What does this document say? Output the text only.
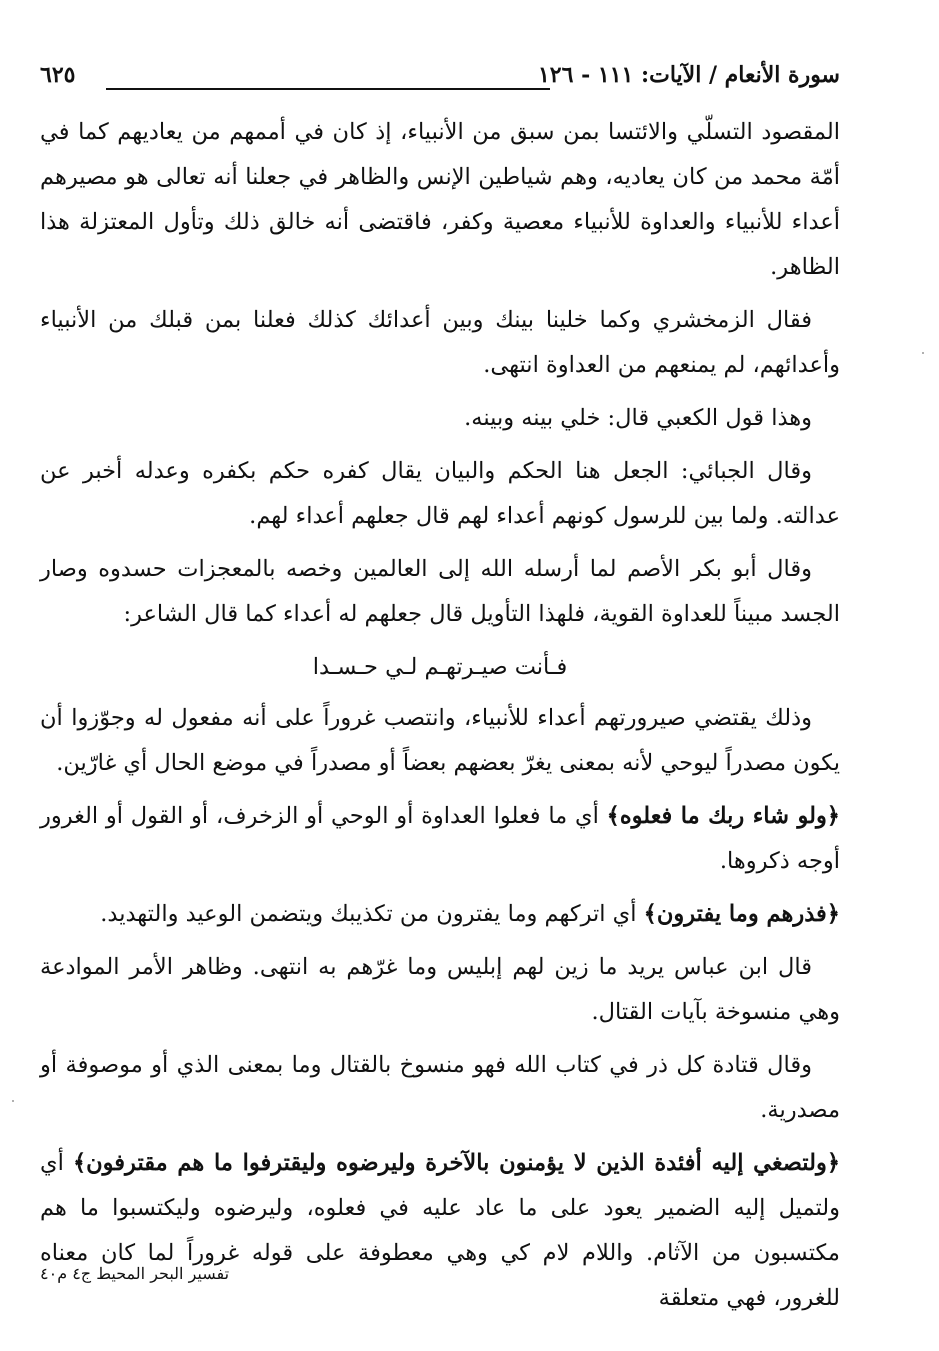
سورة الأنعام / الآيات: ١١١ - ١٢٦
٦٢٥

المقصود التسلّي والائتسا بمن سبق من الأنبياء، إذ كان في أممهم من يعاديهم كما في أمّة محمد من كان يعاديه، وهم شياطين الإنس والظاهر في جعلنا أنه تعالى هو مصيرهم أعداء للأنبياء والعداوة للأنبياء معصية وكفر، فاقتضى أنه خالق ذلك وتأول المعتزلة هذا الظاهر.

فقال الزمخشري وكما خلينا بينك وبين أعدائك كذلك فعلنا بمن قبلك من الأنبياء وأعدائهم، لم يمنعهم من العداوة انتهى.

وهذا قول الكعبي قال: خلي بينه وبينه.

وقال الجبائي: الجعل هنا الحكم والبيان يقال كفره حكم بكفره وعدله أخبر عن عدالته. ولما بين للرسول كونهم أعداء لهم قال جعلهم أعداء لهم.

وقال أبو بكر الأصم لما أرسله الله إلى العالمين وخصه بالمعجزات حسدوه وصار الجسد مبيناً للعداوة القوية، فلهذا التأويل قال جعلهم له أعداء كما قال الشاعر:

فـأنت صيـرتهـم لـي حـسـدا

وذلك يقتضي صيرورتهم أعداء للأنبياء، وانتصب غروراً على أنه مفعول له وجوّزوا أن يكون مصدراً ليوحي لأنه بمعنى يغرّ بعضهم بعضاً أو مصدراً في موضع الحال أي غارّين.

﴿ولو شاء ربك ما فعلوه﴾ أي ما فعلوا العداوة أو الوحي أو الزخرف، أو القول أو الغرور أوجه ذكروها.

﴿فذرهم وما يفترون﴾ أي اتركهم وما يفترون من تكذيبك ويتضمن الوعيد والتهديد.

قال ابن عباس يريد ما زين لهم إبليس وما غرّهم به انتهى. وظاهر الأمر الموادعة وهي منسوخة بآيات القتال.

وقال قتادة كل ذر في كتاب الله فهو منسوخ بالقتال وما بمعنى الذي أو موصوفة أو مصدرية.

﴿ولتصغي إليه أفئدة الذين لا يؤمنون بالآخرة وليرضوه وليقترفوا ما هم مقترفون﴾ أي ولتميل إليه الضمير يعود على ما عاد عليه في فعلوه، وليرضوه وليكتسبوا ما هم مكتسبون من الآثام. واللام لام كي وهي معطوفة على قوله غروراً لما كان معناه للغرور، فهي متعلقة

تفسير البحر المحيط ج٤ م٤٠
